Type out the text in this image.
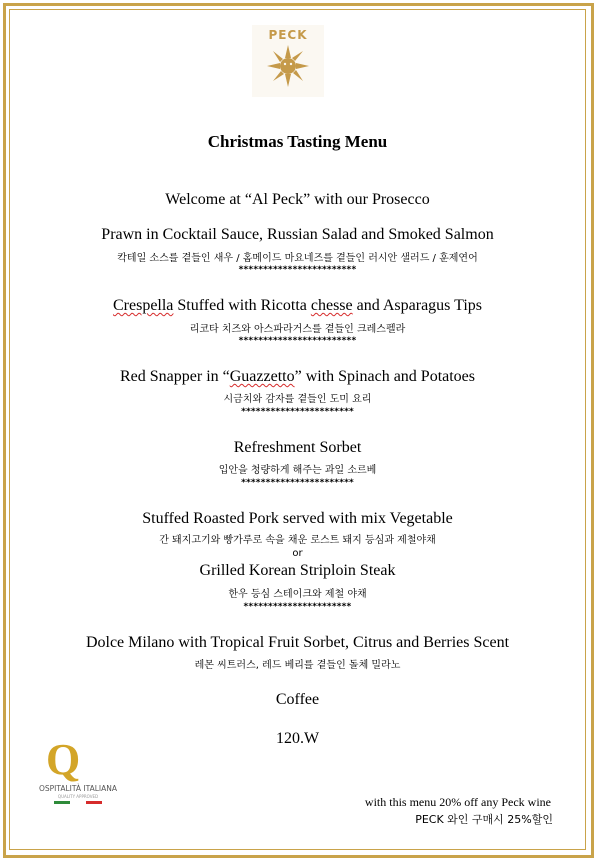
PECK
Christmas Tasting Menu
Welcome at “Al Peck” with our Prosecco
Prawn in Cocktail Sauce, Russian Salad and Smoked Salmon
칵테일 소스를 곁들인 새우 / 홈메이드 마요네즈를 곁들인 러시안 샐러드 / 훈제연어
************************
Crespella Stuffed with Ricotta chesse and Asparagus Tips
리코타 치즈와 아스파라거스를 곁들인 크레스펠라
************************
Red Snapper in “Guazzetto” with Spinach and Potatoes
시금치와 감자를 곁들인 도미 요리
***********************
Refreshment Sorbet
입안을 청량하게 해주는 과일 소르베
***********************
Stuffed Roasted Pork served with mix Vegetable
간 돼지고기와 빵가루로 속을 채운 로스트 돼지 등심과 제철야채
or
Grilled Korean Striploin Steak
한우 등심 스테이크와 제철 야채
**********************
Dolce Milano with Tropical Fruit Sorbet, Citrus and Berries Scent
레몬 씨트러스, 레드 베리를 곁들인 돌체 밀라노
Coffee
120.W
Q
OSPITALITÀ ITALIANA
QUALITY APPROVED	with this menu 20% off any Peck wine
PECK 와인 구매시 25%할인
